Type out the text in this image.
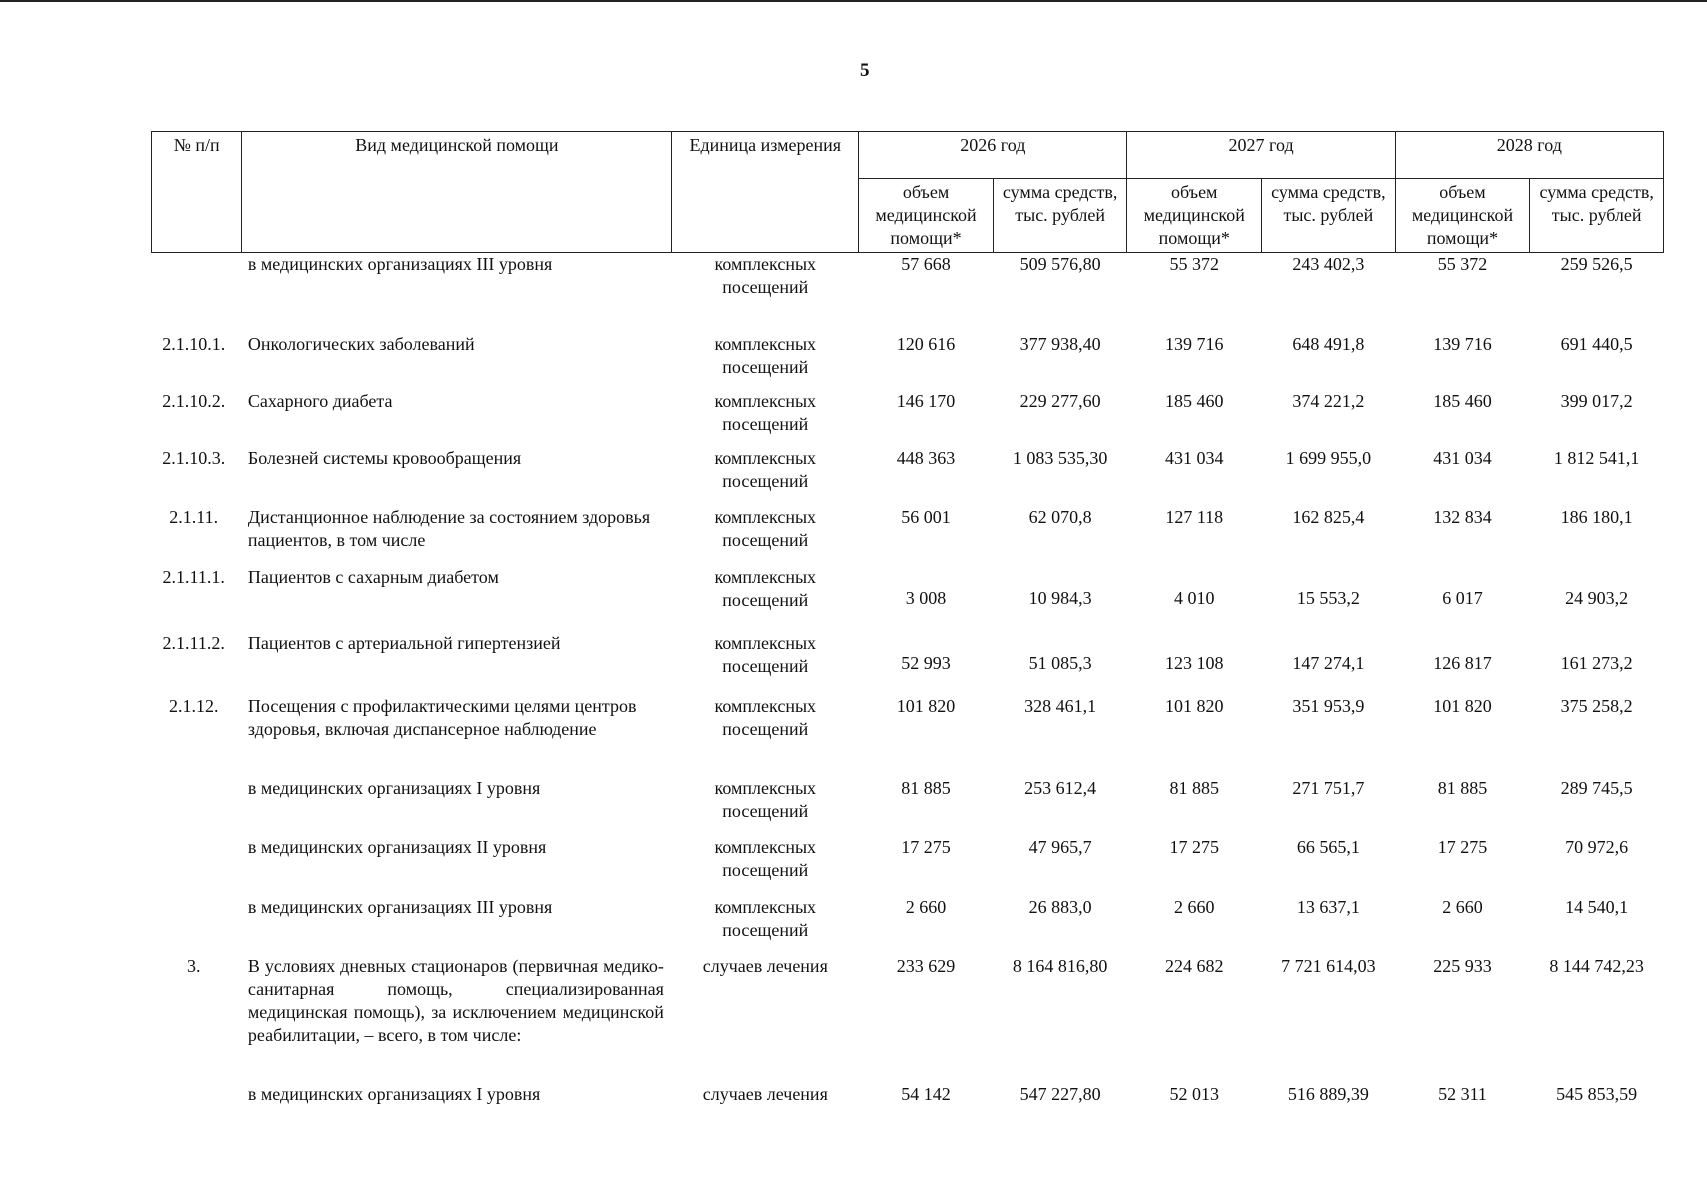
5
№ п/п	Вид медицинской помощи	Единица измерения	2026 год		2027 год		2028 год	
			объем медицинской помощи*	сумма средств, тыс. рублей	объем медицинской помощи*	сумма средств, тыс. рублей	объем медицинской помощи*	сумма средств, тыс. рублей
	в медицинских организациях III уровня	комплексных посещений	57 668	509 576,80	55 372	243 402,3	55 372	259 526,5
2.1.10.1.	Онкологических заболеваний	комплексных посещений	120 616	377 938,40	139 716	648 491,8	139 716	691 440,5
2.1.10.2.	Сахарного диабета	комплексных посещений	146 170	229 277,60	185 460	374 221,2	185 460	399 017,2
2.1.10.3.	Болезней системы кровообращения	комплексных посещений	448 363	1 083 535,30	431 034	1 699 955,0	431 034	1 812 541,1
2.1.11.	Дистанционное наблюдение за состоянием здоровья пациентов, в том числе	комплексных посещений	56 001	62 070,8	127 118	162 825,4	132 834	186 180,1
2.1.11.1.	Пациентов с сахарным диабетом	комплексных посещений	3 008	10 984,3	4 010	15 553,2	6 017	24 903,2
2.1.11.2.	Пациентов с артериальной гипертензией	комплексных посещений	52 993	51 085,3	123 108	147 274,1	126 817	161 273,2
2.1.12.	Посещения с профилактическими целями центров здоровья, включая диспансерное наблюдение	комплексных посещений	101 820	328 461,1	101 820	351 953,9	101 820	375 258,2
	в медицинских организациях I уровня	комплексных посещений	81 885	253 612,4	81 885	271 751,7	81 885	289 745,5
	в медицинских организациях II уровня	комплексных посещений	17 275	47 965,7	17 275	66 565,1	17 275	70 972,6
	в медицинских организациях III уровня	комплексных посещений	2 660	26 883,0	2 660	13 637,1	2 660	14 540,1
3.	В условиях дневных стационаров (первичная медико-санитарная помощь, специализированная медицинская помощь), за исключением медицинской реабилитации, – всего, в том числе:	случаев лечения	233 629	8 164 816,80	224 682	7 721 614,03	225 933	8 144 742,23
	в медицинских организациях I уровня	случаев лечения	54 142	547 227,80	52 013	516 889,39	52 311	545 853,59
